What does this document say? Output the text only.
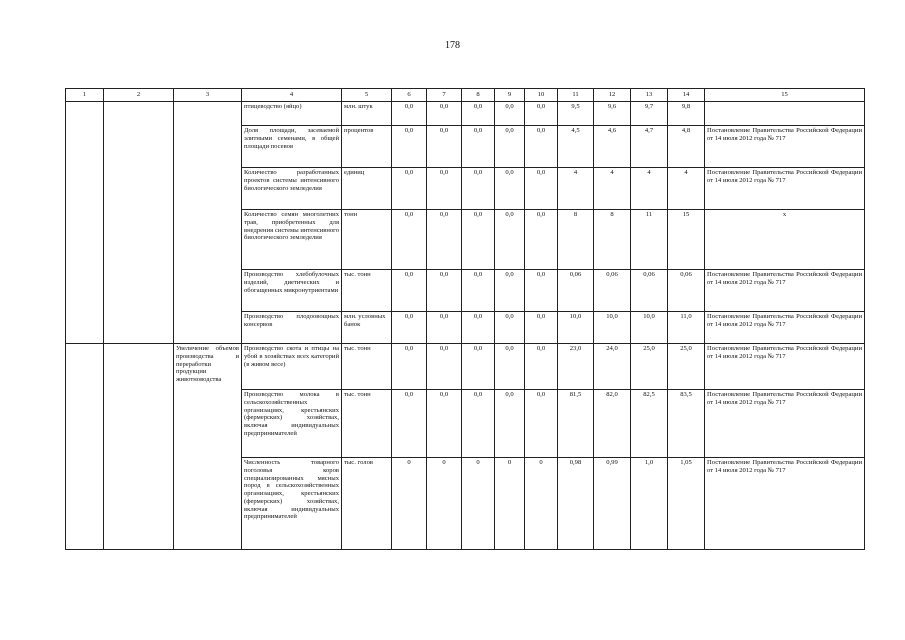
178
1	2	3	4	5	6	7	8	9	10	11	12	13	14	15
			птицеводство (яйцо)	млн. штук	0,0	0,0	0,0	0,0	0,0	9,5	9,6	9,7	9,8	
			Доля площади, засеваемой элитными семенами, в общей площади посевов	процентов	0,0	0,0	0,0	0,0	0,0	4,5	4,6	4,7	4,8	Постановление Правительства Российской Федерации от 14 июля 2012 года № 717
			Количество разработанных проектов системы интенсивного биологического земледелия	единиц	0,0	0,0	0,0	0,0	0,0	4	4	4	4	Постановление Правительства Российской Федерации от 14 июля 2012 года № 717
			Количество семян многолетних трав, приобретенных для внедрения системы интенсивного биологического земледелия	тонн	0,0	0,0	0,0	0,0	0,0	8	8	11	15	х
			Производство хлебобулочных изделий, диетических и обогащенных микронутриентами	тыс. тонн	0,0	0,0	0,0	0,0	0,0	0,06	0,06	0,06	0,06	Постановление Правительства Российской Федерации от 14 июля 2012 года № 717
			Производство плодоовощных консервов	млн. условных банок	0,0	0,0	0,0	0,0	0,0	10,0	10,0	10,0	11,0	Постановление Правительства Российской Федерации от 14 июля 2012 года № 717
		Увеличение объемов производства и переработки продукции животноводства	Производство скота и птицы на убой в хозяйствах всех категорий (в живом весе)	тыс. тонн	0,0	0,0	0,0	0,0	0,0	23,0	24,0	25,0	25,0	Постановление Правительства Российской Федерации от 14 июля 2012 года № 717
			Производство молока в сельскохозяйственных организациях, крестьянских (фермерских) хозяйствах, включая индивидуальных предпринимателей	тыс. тонн	0,0	0,0	0,0	0,0	0,0	81,5	82,0	82,5	83,5	Постановление Правительства Российской Федерации от 14 июля 2012 года № 717
			Численность товарного поголовья коров специализированных мясных пород в сельскохозяйственных организациях, крестьянских (фермерских) хозяйствах, включая индивидуальных предпринимателей	тыс. голов	0	0	0	0	0	0,98	0,99	1,0	1,05	Постановление Правительства Российской Федерации от 14 июля 2012 года № 717
